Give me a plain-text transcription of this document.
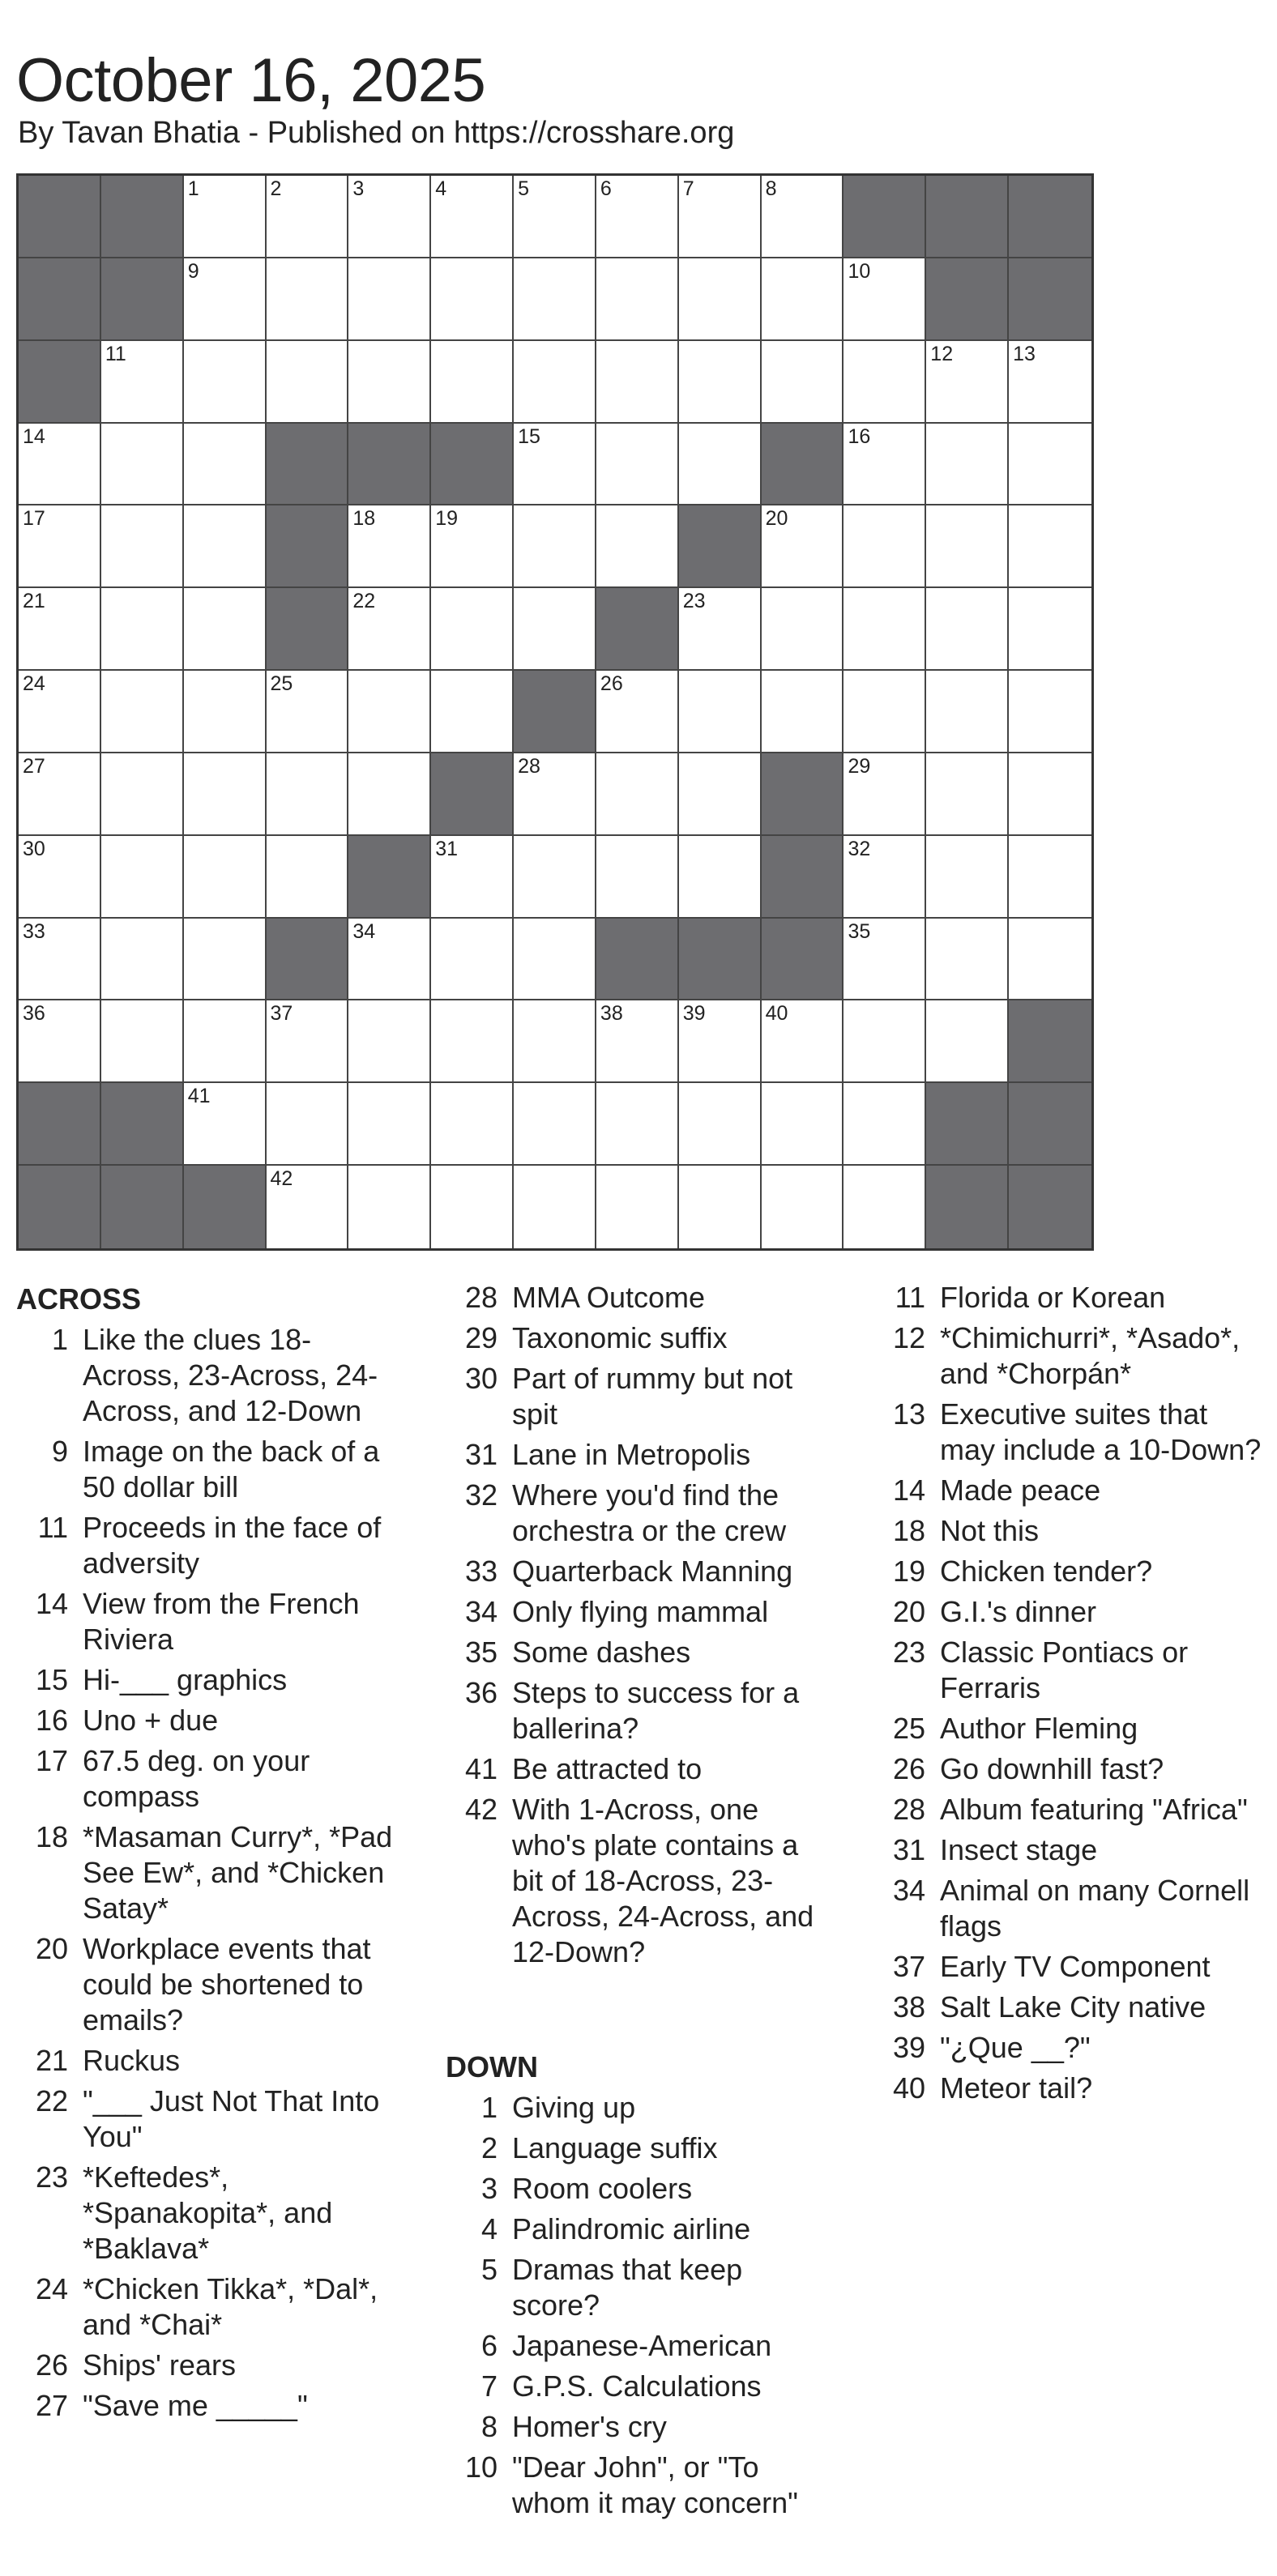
October 16, 2025

By Tavan Bhatia - Published on https://crosshare.org

1	2	3	4	5	6	7	8
9	10
11	12	13
14	15	16
17	18	19	20
21	22	23
24	25	26
27	28	29
30	31	32
33	34	35
36	37	38	39	40
41
42
ACROSS
1 Like the clues 18-Across, 23-Across, 24-Across, and 12-Down
9 Image on the back of a 50 dollar bill
11 Proceeds in the face of adversity
14 View from the French Riviera
15 Hi-___ graphics
16 Uno + due
17 67.5 deg. on your compass
18 *Masaman Curry*, *Pad See Ew*, and *Chicken Satay*
20 Workplace events that could be shortened to emails?
21 Ruckus
22 "___ Just Not That Into You"
23 *Keftedes*, *Spanakopita*, and *Baklava*
24 *Chicken Tikka*, *Dal*, and *Chai*
26 Ships' rears
27 "Save me _____"
28 MMA Outcome
29 Taxonomic suffix
30 Part of rummy but not spit
31 Lane in Metropolis
32 Where you'd find the orchestra or the crew
33 Quarterback Manning
34 Only flying mammal
35 Some dashes
36 Steps to success for a ballerina?
41 Be attracted to
42 With 1-Across, one who's plate contains a bit of 18-Across, 23-Across, 24-Across, and 12-Down?
DOWN
1 Giving up
2 Language suffix
3 Room coolers
4 Palindromic airline
5 Dramas that keep score?
6 Japanese-American
7 G.P.S. Calculations
8 Homer's cry
10 "Dear John", or "To whom it may concern"
11 Florida or Korean
12 *Chimichurri*, *Asado*, and *Chorpán*
13 Executive suites that may include a 10-Down?
14 Made peace
18 Not this
19 Chicken tender?
20 G.I.'s dinner
23 Classic Pontiacs or Ferraris
25 Author Fleming
26 Go downhill fast?
28 Album featuring "Africa"
31 Insect stage
34 Animal on many Cornell flags
37 Early TV Component
38 Salt Lake City native
39 "¿Que __?"
40 Meteor tail?
